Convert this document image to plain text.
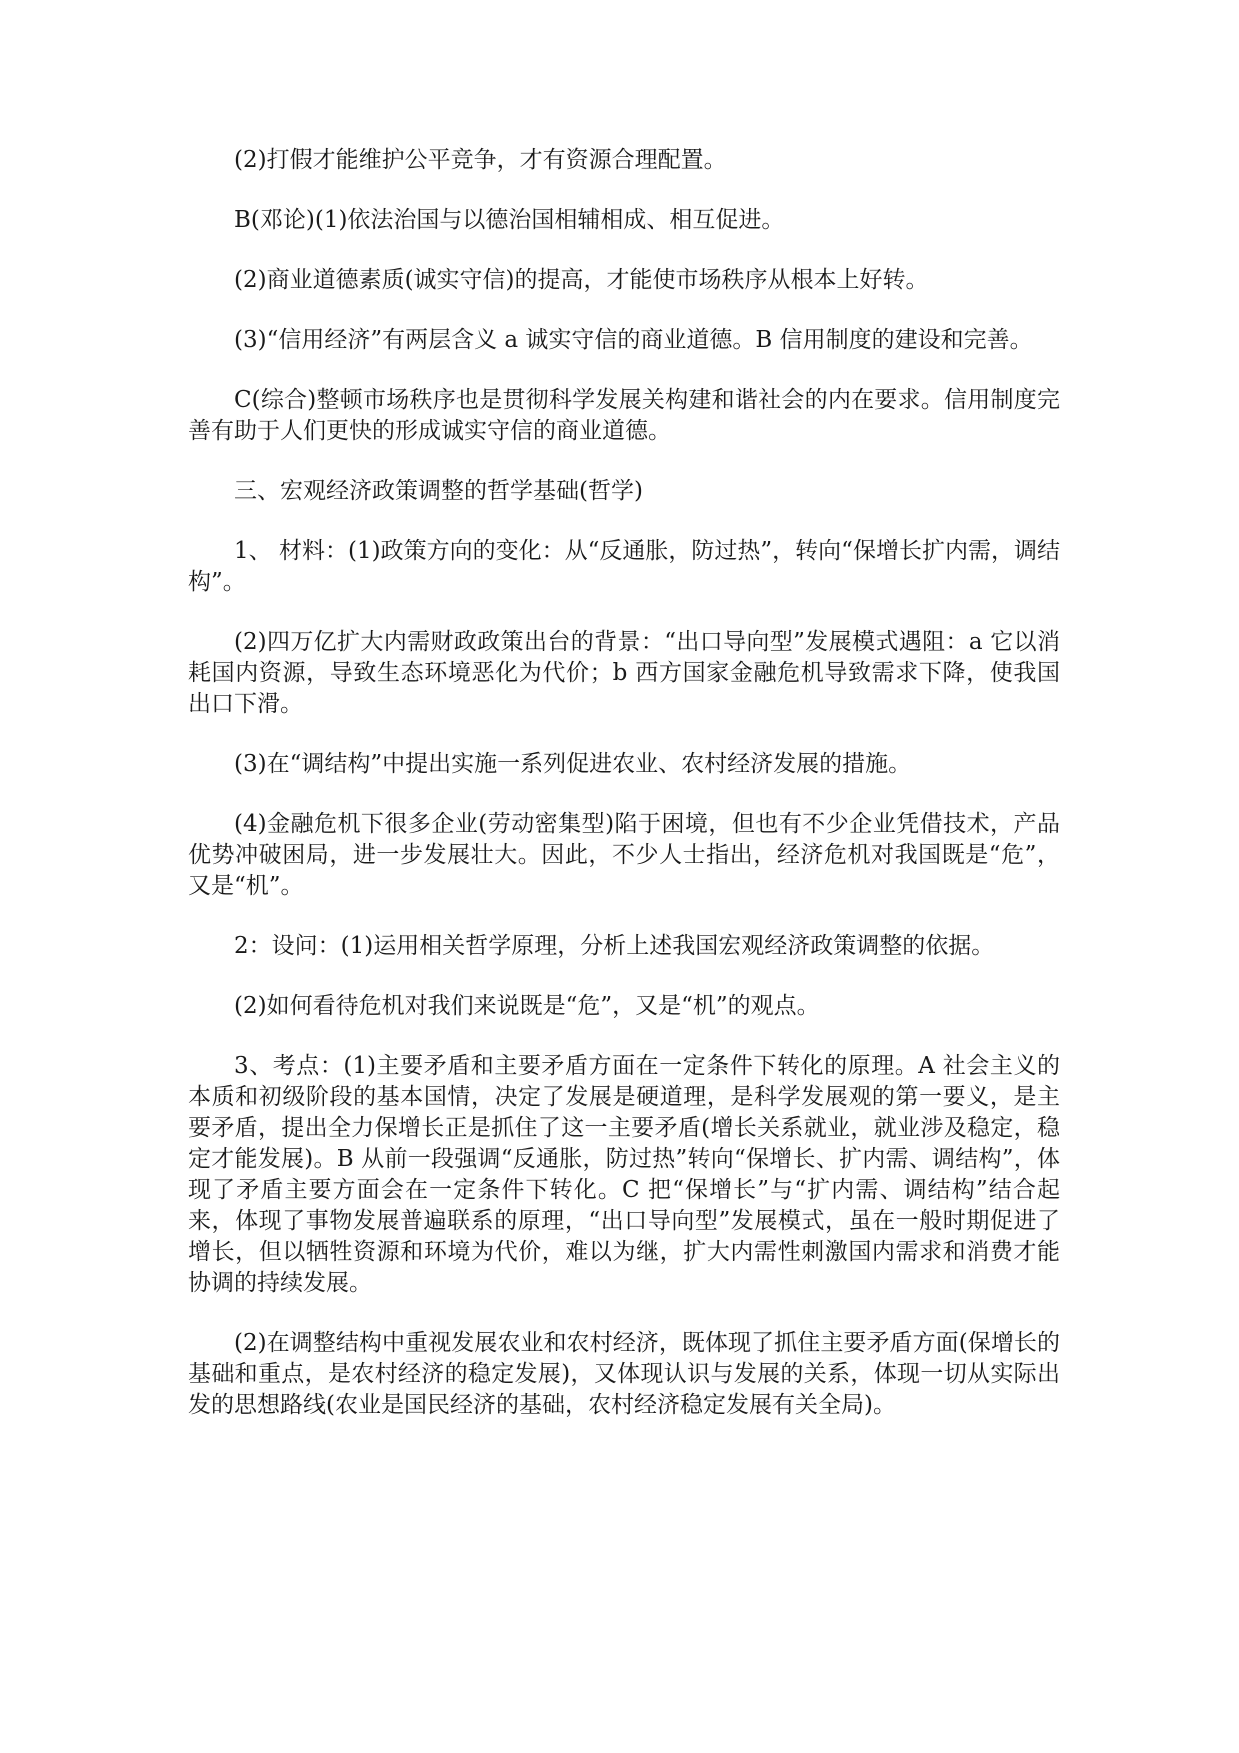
(2)打假才能维护公平竞争，才有资源合理配置。

B(邓论)(1)依法治国与以德治国相辅相成、相互促进。

(2)商业道德素质(诚实守信)的提高，才能使市场秩序从根本上好转。

(3)“信用经济”有两层含义 a 诚实守信的商业道德。B 信用制度的建设和完善。

C(综合)整顿市场秩序也是贯彻科学发展关构建和谐社会的内在要求。信用制度完善有助于人们更快的形成诚实守信的商业道德。

三、宏观经济政策调整的哲学基础(哲学)

1、 材料：(1)政策方向的变化：从“反通胀，防过热”，转向“保增长扩内需，调结构”。

(2)四万亿扩大内需财政政策出台的背景：“出口导向型”发展模式遇阻：a 它以消耗国内资源，导致生态环境恶化为代价；b 西方国家金融危机导致需求下降，使我国出口下滑。

(3)在“调结构”中提出实施一系列促进农业、农村经济发展的措施。

(4)金融危机下很多企业(劳动密集型)陷于困境，但也有不少企业凭借技术，产品优势冲破困局，进一步发展壮大。因此，不少人士指出，经济危机对我国既是“危”，又是“机”。

2：设问：(1)运用相关哲学原理，分析上述我国宏观经济政策调整的依据。

(2)如何看待危机对我们来说既是“危”，又是“机”的观点。

3、考点：(1)主要矛盾和主要矛盾方面在一定条件下转化的原理。A 社会主义的本质和初级阶段的基本国情，决定了发展是硬道理，是科学发展观的第一要义，是主要矛盾，提出全力保增长正是抓住了这一主要矛盾(增长关系就业，就业涉及稳定，稳定才能发展)。B 从前一段强调“反通胀，防过热”转向“保增长、扩内需、调结构”，体现了矛盾主要方面会在一定条件下转化。C 把“保增长”与“扩内需、调结构”结合起来，体现了事物发展普遍联系的原理，“出口导向型”发展模式，虽在一般时期促进了增长，但以牺牲资源和环境为代价，难以为继，扩大内需性刺激国内需求和消费才能协调的持续发展。

(2)在调整结构中重视发展农业和农村经济，既体现了抓住主要矛盾方面(保增长的基础和重点，是农村经济的稳定发展)，又体现认识与发展的关系，体现一切从实际出发的思想路线(农业是国民经济的基础，农村经济稳定发展有关全局)。
